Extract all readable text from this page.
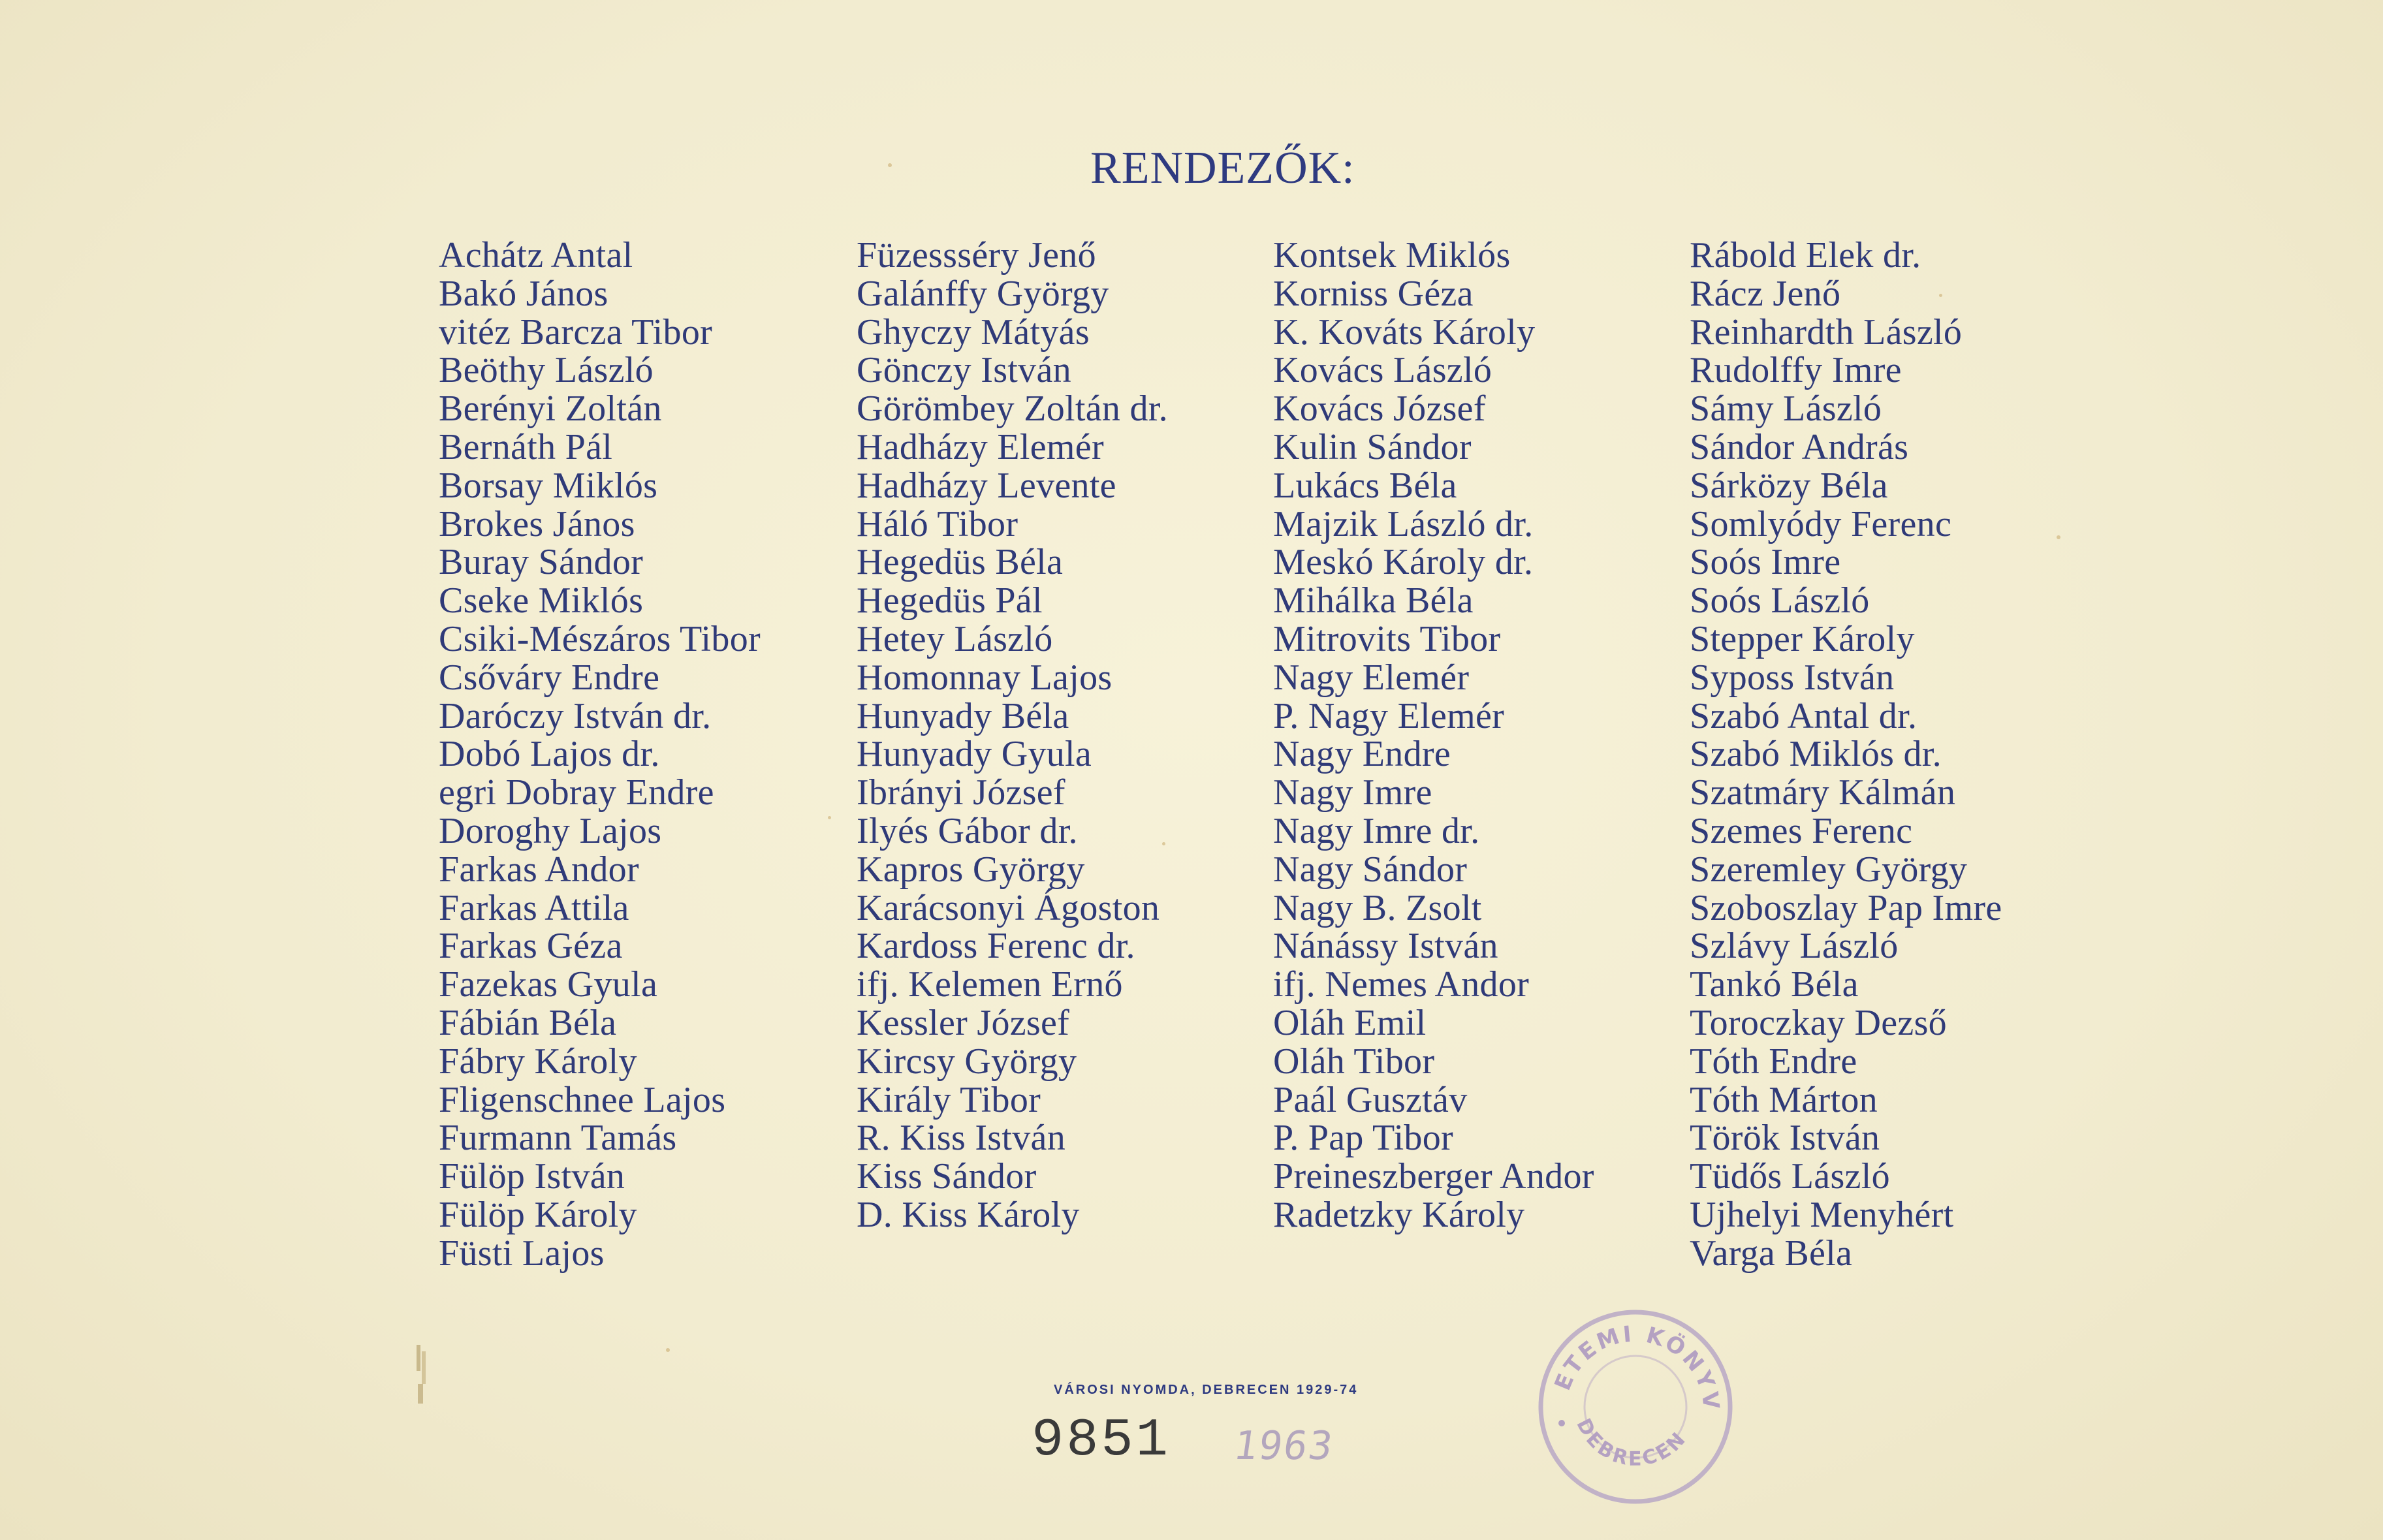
RENDEZŐK:
Achátz Antal
Bakó János
vitéz Barcza Tibor
Beöthy László
Berényi Zoltán
Bernáth Pál
Borsay Miklós
Brokes János
Buray Sándor
Cseke Miklós
Csiki-Mészáros Tibor
Csőváry Endre
Daróczy István dr.
Dobó Lajos dr.
egri Dobray Endre
Doroghy Lajos
Farkas Andor
Farkas Attila
Farkas Géza
Fazekas Gyula
Fábián Béla
Fábry Károly
Fligenschnee Lajos
Furmann Tamás
Fülöp István
Fülöp Károly
Füsti Lajos
Füzessséry Jenő
Galánffy György
Ghyczy Mátyás
Gönczy István
Görömbey Zoltán dr.
Hadházy Elemér
Hadházy Levente
Háló Tibor
Hegedüs Béla
Hegedüs Pál
Hetey László
Homonnay Lajos
Hunyady Béla
Hunyady Gyula
Ibrányi József
Ilyés Gábor dr.
Kapros György
Karácsonyi Ágoston
Kardoss Ferenc dr.
ifj. Kelemen Ernő
Kessler József
Kircsy György
Király Tibor
R. Kiss István
Kiss Sándor
D. Kiss Károly
Kontsek Miklós
Korniss Géza
K. Kováts Károly
Kovács László
Kovács József
Kulin Sándor
Lukács Béla
Majzik László dr.
Meskó Károly dr.
Mihálka Béla
Mitrovits Tibor
Nagy Elemér
P. Nagy Elemér
Nagy Endre
Nagy Imre
Nagy Imre dr.
Nagy Sándor
Nagy B. Zsolt
Nánássy István
ifj. Nemes Andor
Oláh Emil
Oláh Tibor
Paál Gusztáv
P. Pap Tibor
Preineszberger Andor
Radetzky Károly
Rábold Elek dr.
Rácz Jenő
Reinhardth László
Rudolffy Imre
Sámy László
Sándor András
Sárközy Béla
Somlyódy Ferenc
Soós Imre
Soós László
Stepper Károly
Syposs István
Szabó Antal dr.
Szabó Miklós dr.
Szatmáry Kálmán
Szemes Ferenc
Szeremley György
Szoboszlay Pap Imre
Szlávy László
Tankó Béla
Toroczkay Dezső
Tóth Endre
Tóth Márton
Török István
Tüdős László
Ujhelyi Menyhért
Varga Béla
VÁROSI NYOMDA, DEBRECEN 1929-74
9851 1963
EGYETEMI KÖNYVTÁR
DEBRECEN
